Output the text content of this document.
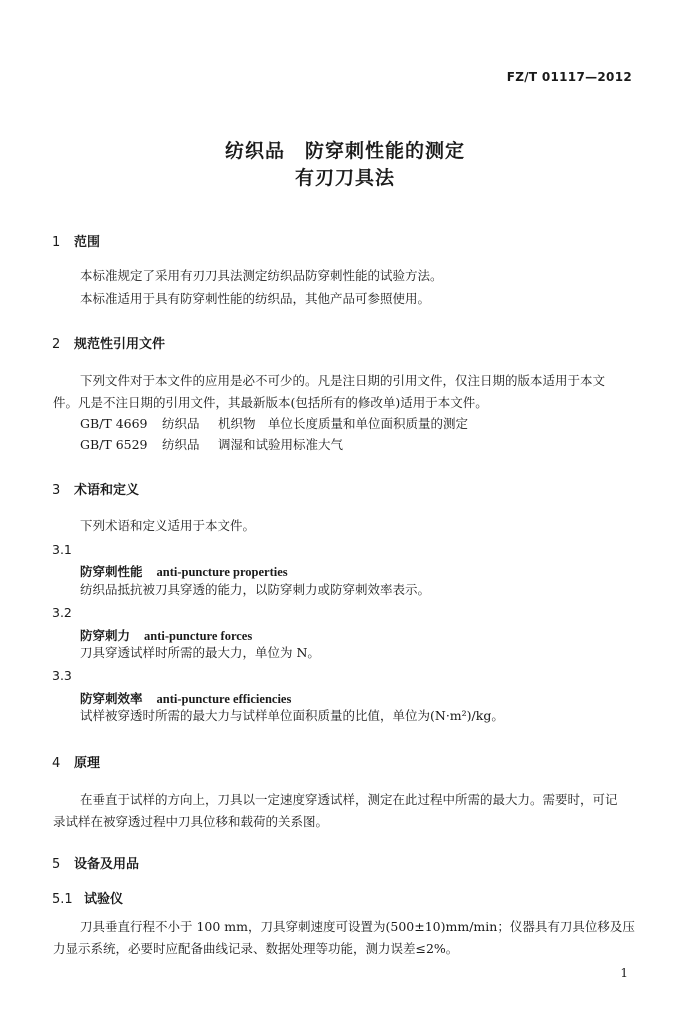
FZ/T 01117—2012
纺织品　防穿刺性能的测定
有刃刀具法
1 范围
本标准规定了采用有刃刀具法测定纺织品防穿刺性能的试验方法。
本标准适用于具有防穿刺性能的纺织品，其他产品可参照使用。
2 规范性引用文件
下列文件对于本文件的应用是必不可少的。凡是注日期的引用文件，仅注日期的版本适用于本文
件。凡是不注日期的引用文件，其最新版本(包括所有的修改单)适用于本文件。
GB/T 4669 纺织品 机织物　单位长度质量和单位面积质量的测定
GB/T 6529 纺织品 调湿和试验用标准大气
3 术语和定义
下列术语和定义适用于本文件。
3.1
防穿刺性能 anti-puncture properties
纺织品抵抗被刀具穿透的能力，以防穿刺力或防穿刺效率表示。
3.2
防穿刺力 anti-puncture forces
刀具穿透试样时所需的最大力，单位为 N。
3.3
防穿刺效率 anti-puncture efficiencies
试样被穿透时所需的最大力与试样单位面积质量的比值，单位为(N·m²)/kg。
4 原理
在垂直于试样的方向上，刀具以一定速度穿透试样，测定在此过程中所需的最大力。需要时，可记
录试样在被穿透过程中刀具位移和载荷的关系图。
5 设备及用品
5.1 试验仪
刀具垂直行程不小于 100 mm，刀具穿刺速度可设置为(500±10)mm/min；仪器具有刀具位移及压
力显示系统，必要时应配备曲线记录、数据处理等功能，测力误差≤2%。
1
